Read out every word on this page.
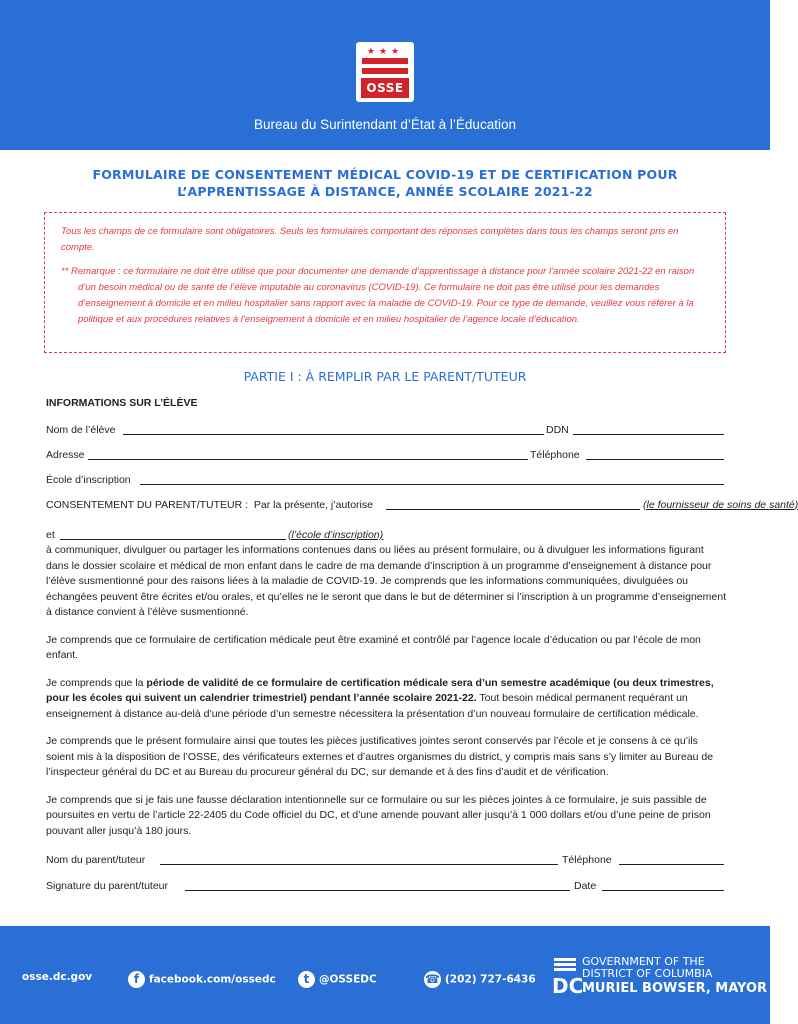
★★★
OSSE
Bureau du Surintendant d’État à l’Éducation
FORMULAIRE DE CONSENTEMENT MÉDICAL COVID-19 ET DE CERTIFICATION POUR
L’APPRENTISSAGE À DISTANCE, ANNÉE SCOLAIRE 2021-22

Tous les champs de ce formulaire sont obligatoires. Seuls les formulaires comportant des réponses complètes dans tous les champs seront pris en compte.

** Remarque : ce formulaire ne doit être utilisé que pour documenter une demande d’apprentissage à distance pour l’année scolaire 2021-22 en raison d’un besoin médical ou de santé de l’élève imputable au coronavirus (COVID-19). Ce formulaire ne doit pas être utilisé pour les demandes d’enseignement à domicile et en milieu hospitalier sans rapport avec la maladie de COVID-19. Pour ce type de demande, veuillez vous référer à la politique et aux procédures relatives à l’enseignement à domicile et en milieu hospitalier de l’agence locale d’éducation.

PARTIE I : À REMPLIR PAR LE PARENT/TUTEUR
INFORMATIONS SUR L’ÉLÈVE
Nom de l’élève	DDN
Adresse	Téléphone
École d’inscription
CONSENTEMENT DU PARENT/TUTEUR : Par la présente, j’autorise	(le fournisseur de soins de santé)
et	(l’école d’inscription)
à communiquer, divulguer ou partager les informations contenues dans ou liées au présent formulaire, ou à divulguer les informations figurant dans le dossier scolaire et médical de mon enfant dans le cadre de ma demande d’inscription à un programme d’enseignement à distance pour l’élève susmentionné pour des raisons liées à la maladie de COVID-19. Je comprends que les informations communiquées, divulguées ou échangées peuvent être écrites et/ou orales, et qu’elles ne le seront que dans le but de déterminer si l’inscription à un programme d’enseignement à distance convient à l’élève susmentionné.
Je comprends que ce formulaire de certification médicale peut être examiné et contrôlé par l’agence locale d’éducation ou par l’école de mon enfant.
Je comprends que la période de validité de ce formulaire de certification médicale sera d’un semestre académique (ou deux trimestres, pour les écoles qui suivent un calendrier trimestriel) pendant l’année scolaire 2021-22. Tout besoin médical permanent requérant un enseignement à distance au-delà d’une période d’un semestre nécessitera la présentation d’un nouveau formulaire de certification médicale.
Je comprends que le présent formulaire ainsi que toutes les pièces justificatives jointes seront conservés par l’école et je consens à ce qu’ils soient mis à la disposition de l’OSSE, des vérificateurs externes et d’autres organismes du district, y compris mais sans s’y limiter au Bureau de l’inspecteur général du DC et au Bureau du procureur général du DC, sur demande et à des fins d’audit et de vérification.
Je comprends que si je fais une fausse déclaration intentionnelle sur ce formulaire ou sur les pièces jointes à ce formulaire, je suis passible de poursuites en vertu de l’article 22-2405 du Code officiel du DC, et d’une amende pouvant aller jusqu’à 1 000 dollars et/ou d’une peine de prison pouvant aller jusqu’à 180 jours.
Nom du parent/tuteur	Téléphone
Signature du parent/tuteur	Date
osse.dc.gov	f facebook.com/ossedc	t @OSSEDC	☎ (202) 727-6436 DC
GOVERNMENT OF THE
DISTRICT OF COLUMBIA
MURIEL BOWSER, MAYOR
